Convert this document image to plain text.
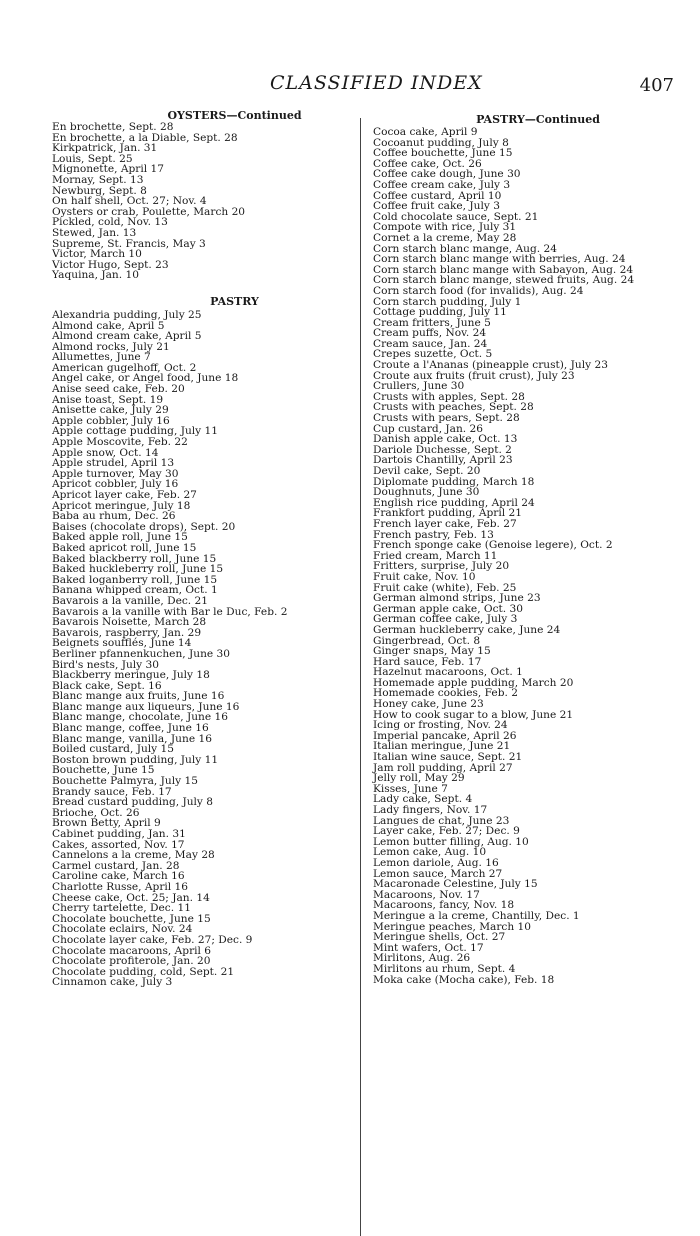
CLASSIFIED INDEX	407
OYSTERS—Continued
En brochette, Sept. 28
En brochette, a la Diable, Sept. 28
Kirkpatrick, Jan. 31
Louis, Sept. 25
Mignonette, April 17
Mornay, Sept. 13
Newburg, Sept. 8
On half shell, Oct. 27; Nov. 4
Oysters or crab, Poulette, March 20
Pickled, cold, Nov. 13
Stewed, Jan. 13
Supreme, St. Francis, May 3
Victor, March 10
Victor Hugo, Sept. 23
Yaquina, Jan. 10
PASTRY
Alexandria pudding, July 25
Almond cake, April 5
Almond cream cake, April 5
Almond rocks, July 21
Allumettes, June 7
American gugelhoff, Oct. 2
Angel cake, or Angel food, June 18
Anise seed cake, Feb. 20
Anise toast, Sept. 19
Anisette cake, July 29
Apple cobbler, July 16
Apple cottage pudding, July 11
Apple Moscovite, Feb. 22
Apple snow, Oct. 14
Apple strudel, April 13
Apple turnover, May 30
Apricot cobbler, July 16
Apricot layer cake, Feb. 27
Apricot meringue, July 18
Baba au rhum, Dec. 26
Baises (chocolate drops), Sept. 20
Baked apple roll, June 15
Baked apricot roll, June 15
Baked blackberry roll, June 15
Baked huckleberry roll, June 15
Baked loganberry roll, June 15
Banana whipped cream, Oct. 1
Bavarois a la vanille, Dec. 21
Bavarois a la vanille with Bar le Duc, Feb. 2
Bavarois Noisette, March 28
Bavarois, raspberry, Jan. 29
Beignets soufflés, June 14
Berliner pfannenkuchen, June 30
Bird's nests, July 30
Blackberry meringue, July 18
Black cake, Sept. 16
Blanc mange aux fruits, June 16
Blanc mange aux liqueurs, June 16
Blanc mange, chocolate, June 16
Blanc mange, coffee, June 16
Blanc mange, vanilla, June 16
Boiled custard, July 15
Boston brown pudding, July 11
Bouchette, June 15
Bouchette Palmyra, July 15
Brandy sauce, Feb. 17
Bread custard pudding, July 8
Brioche, Oct. 26
Brown Betty, April 9
Cabinet pudding, Jan. 31
Cakes, assorted, Nov. 17
Cannelons a la creme, May 28
Carmel custard, Jan. 28
Caroline cake, March 16
Charlotte Russe, April 16
Cheese cake, Oct. 25; Jan. 14
Cherry tartelette, Dec. 11
Chocolate bouchette, June 15
Chocolate eclairs, Nov. 24
Chocolate layer cake, Feb. 27; Dec. 9
Chocolate macaroons, April 6
Chocolate profiterole, Jan. 20
Chocolate pudding, cold, Sept. 21
Cinnamon cake, July 3
PASTRY—Continued
Cocoa cake, April 9
Cocoanut pudding, July 8
Coffee bouchette, June 15
Coffee cake, Oct. 26
Coffee cake dough, June 30
Coffee cream cake, July 3
Coffee custard, April 10
Coffee fruit cake, July 3
Cold chocolate sauce, Sept. 21
Compote with rice, July 31
Cornet a la creme, May 28
Corn starch blanc mange, Aug. 24
Corn starch blanc mange with berries, Aug. 24
Corn starch blanc mange with Sabayon, Aug. 24
Corn starch blanc mange, stewed fruits, Aug. 24
Corn starch food (for invalids), Aug. 24
Corn starch pudding, July 1
Cottage pudding, July 11
Cream fritters, June 5
Cream puffs, Nov. 24
Cream sauce, Jan. 24
Crepes suzette, Oct. 5
Croute a l'Ananas (pineapple crust), July 23
Croute aux fruits (fruit crust), July 23
Crullers, June 30
Crusts with apples, Sept. 28
Crusts with peaches, Sept. 28
Crusts with pears, Sept. 28
Cup custard, Jan. 26
Danish apple cake, Oct. 13
Dariole Duchesse, Sept. 2
Dartois Chantilly, April 23
Devil cake, Sept. 20
Diplomate pudding, March 18
Doughnuts, June 30
English rice pudding, April 24
Frankfort pudding, April 21
French layer cake, Feb. 27
French pastry, Feb. 13
French sponge cake (Genoise legere), Oct. 2
Fried cream, March 11
Fritters, surprise, July 20
Fruit cake, Nov. 10
Fruit cake (white), Feb. 25
German almond strips, June 23
German apple cake, Oct. 30
German coffee cake, July 3
German huckleberry cake, June 24
Gingerbread, Oct. 8
Ginger snaps, May 15
Hard sauce, Feb. 17
Hazelnut macaroons, Oct. 1
Homemade apple pudding, March 20
Homemade cookies, Feb. 2
Honey cake, June 23
How to cook sugar to a blow, June 21
Icing or frosting, Nov. 24
Imperial pancake, April 26
Italian meringue, June 21
Italian wine sauce, Sept. 21
Jam roll pudding, April 27
Jelly roll, May 29
Kisses, June 7
Lady cake, Sept. 4
Lady fingers, Nov. 17
Langues de chat, June 23
Layer cake, Feb. 27; Dec. 9
Lemon butter filling, Aug. 10
Lemon cake, Aug. 10
Lemon dariole, Aug. 16
Lemon sauce, March 27
Macaronade Celestine, July 15
Macaroons, Nov. 17
Macaroons, fancy, Nov. 18
Meringue a la creme, Chantilly, Dec. 1
Meringue peaches, March 10
Meringue shells, Oct. 27
Mint wafers, Oct. 17
Mirlitons, Aug. 26
Mirlitons au rhum, Sept. 4
Moka cake (Mocha cake), Feb. 18
